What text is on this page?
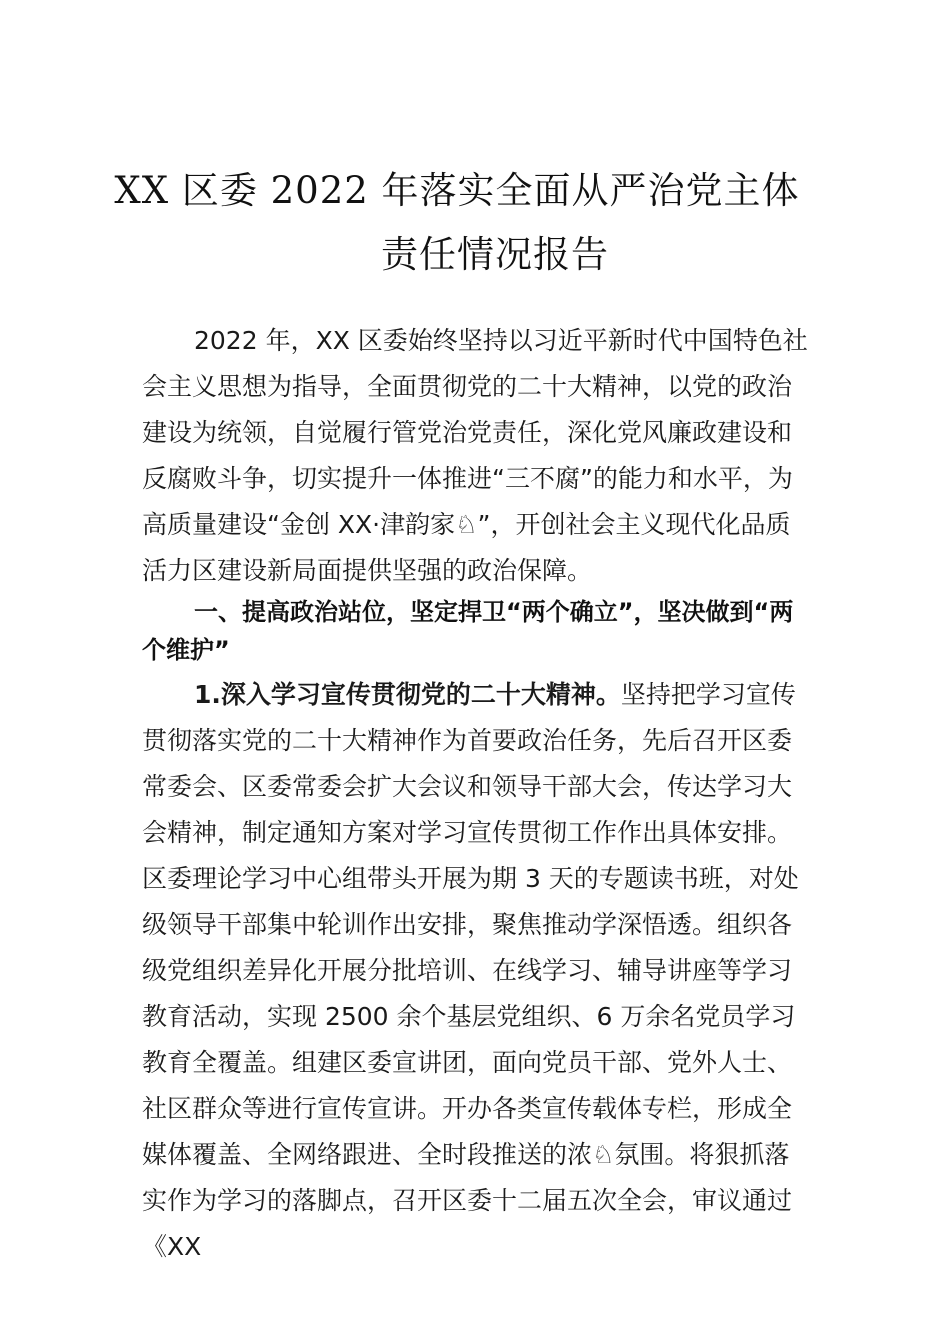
XX 区委 2022 年落实全面从严治党主体
责任情况报告

2022 年，XX 区委始终坚持以习近平新时代中国特色社会主义思想为指导，全面贯彻党的二十大精神，以党的政治建设为统领，自觉履行管党治党责任，深化党风廉政建设和反腐败斗争，切实提升一体推进“三不腐”的能力和水平，为高质量建设“金创 XX·津韵家♘”，开创社会主义现代化品质活力区建设新局面提供坚强的政治保障。

一、提高政治站位，坚定捍卫“两个确立”，坚决做到“两个维护”

1.深入学习宣传贯彻党的二十大精神。坚持把学习宣传贯彻落实党的二十大精神作为首要政治任务，先后召开区委常委会、区委常委会扩大会议和领导干部大会，传达学习大会精神，制定通知方案对学习宣传贯彻工作作出具体安排。 区委理论学习中心组带头开展为期 3 天的专题读书班，对处级领导干部集中轮训作出安排，聚焦推动学深悟透。组织各级党组织差异化开展分批培训、在线学习、辅导讲座等学习教育活动，实现 2500 余个基层党组织、6 万余名党员学习教育全覆盖。组建区委宣讲团，面向党员干部、党外人士、社区群众等进行宣传宣讲。开办各类宣传载体专栏，形成全媒体覆盖、全网络跟进、全时段推送的浓♘氛围。将狠抓落实作为学习的落脚点，召开区委十二届五次全会，审议通过《XX
